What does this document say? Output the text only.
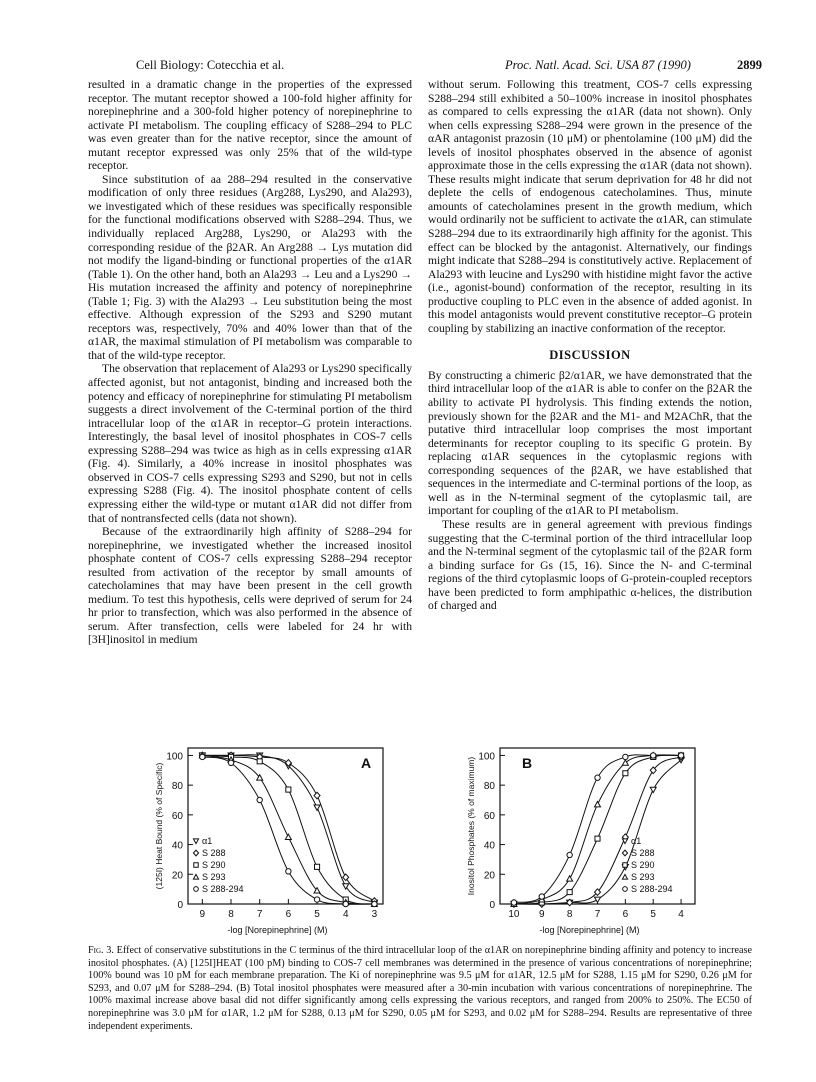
Cell Biology: Cotecchia et al.	Proc. Natl. Acad. Sci. USA 87 (1990)	2899

resulted in a dramatic change in the properties of the expressed receptor. The mutant receptor showed a 100-fold higher affinity for norepinephrine and a 300-fold higher potency of norepinephrine to activate PI metabolism. The coupling efficacy of S288–294 to PLC was even greater than for the native receptor, since the amount of mutant receptor expressed was only 25% that of the wild-type receptor.

Since substitution of aa 288–294 resulted in the conservative modification of only three residues (Arg288, Lys290, and Ala293), we investigated which of these residues was specifically responsible for the functional modifications observed with S288–294. Thus, we individually replaced Arg288, Lys290, or Ala293 with the corresponding residue of the β2AR. An Arg288 → Lys mutation did not modify the ligand-binding or functional properties of the α1AR (Table 1). On the other hand, both an Ala293 → Leu and a Lys290 → His mutation increased the affinity and potency of norepinephrine (Table 1; Fig. 3) with the Ala293 → Leu substitution being the most effective. Although expression of the S293 and S290 mutant receptors was, respectively, 70% and 40% lower than that of the α1AR, the maximal stimulation of PI metabolism was comparable to that of the wild-type receptor.

The observation that replacement of Ala293 or Lys290 specifically affected agonist, but not antagonist, binding and increased both the potency and efficacy of norepinephrine for stimulating PI metabolism suggests a direct involvement of the C-terminal portion of the third intracellular loop of the α1AR in receptor–G protein interactions. Interestingly, the basal level of inositol phosphates in COS-7 cells expressing S288–294 was twice as high as in cells expressing α1AR (Fig. 4). Similarly, a 40% increase in inositol phosphates was observed in COS-7 cells expressing S293 and S290, but not in cells expressing S288 (Fig. 4). The inositol phosphate content of cells expressing either the wild-type or mutant α1AR did not differ from that of nontransfected cells (data not shown).

Because of the extraordinarily high affinity of S288–294 for norepinephrine, we investigated whether the increased inositol phosphate content of COS-7 cells expressing S288–294 receptor resulted from activation of the receptor by small amounts of catecholamines that may have been present in the cell growth medium. To test this hypothesis, cells were deprived of serum for 24 hr prior to transfection, which was also performed in the absence of serum. After transfection, cells were labeled for 24 hr with [3H]inositol in medium

without serum. Following this treatment, COS-7 cells expressing S288–294 still exhibited a 50–100% increase in inositol phosphates as compared to cells expressing the α1AR (data not shown). Only when cells expressing S288–294 were grown in the presence of the αAR antagonist prazosin (10 μM) or phentolamine (100 μM) did the levels of inositol phosphates observed in the absence of agonist approximate those in the cells expressing the α1AR (data not shown). These results might indicate that serum deprivation for 48 hr did not deplete the cells of endogenous catecholamines. Thus, minute amounts of catecholamines present in the growth medium, which would ordinarily not be sufficient to activate the α1AR, can stimulate S288–294 due to its extraordinarily high affinity for the agonist. This effect can be blocked by the antagonist. Alternatively, our findings might indicate that S288–294 is constitutively active. Replacement of Ala293 with leucine and Lys290 with histidine might favor the active (i.e., agonist-bound) conformation of the receptor, resulting in its productive coupling to PLC even in the absence of added agonist. In this model antagonists would prevent constitutive receptor–G protein coupling by stabilizing an inactive conformation of the receptor.

DISCUSSION

By constructing a chimeric β2/α1AR, we have demonstrated that the third intracellular loop of the α1AR is able to confer on the β2AR the ability to activate PI hydrolysis. This finding extends the notion, previously shown for the β2AR and the M1- and M2AChR, that the putative third intracellular loop comprises the most important determinants for receptor coupling to its specific G protein. By replacing α1AR sequences in the cytoplasmic regions with corresponding sequences of the β2AR, we have established that sequences in the intermediate and C-terminal portions of the loop, as well as in the N-terminal segment of the cytoplasmic tail, are important for coupling of the α1AR to PI metabolism.

These results are in general agreement with previous findings suggesting that the C-terminal portion of the third intracellular loop and the N-terminal segment of the cytoplasmic tail of the β2AR form a binding surface for Gs (15, 16). Since the N- and C-terminal regions of the third cytoplasmic loops of G-protein-coupled receptors have been predicted to form amphipathic α-helices, the distribution of charged and

0
20
40
60
80
100
9 8 7 6 5 4 3
-log [Norepinephrine] (M)
(125I) Heat Bound (% of Specific)	A
α1
S 288
S 290
S 293
S 288-294
0
20
40
60
80
100
10 9 8 7 6 5 4
-log [Norepinephrine] (M)
Inositol Phosphates (% of maximum)	B
α1
S 288
S 290
S 293
S 288-294
Fig. 3. Effect of conservative substitutions in the C terminus of the third intracellular loop of the α1AR on norepinephrine binding affinity and potency to increase inositol phosphates. (A) [125I]HEAT (100 pM) binding to COS-7 cell membranes was determined in the presence of various concentrations of norepinephrine; 100% bound was 10 pM for each membrane preparation. The Ki of norepinephrine was 9.5 μM for α1AR, 12.5 μM for S288, 1.15 μM for S290, 0.26 μM for S293, and 0.07 μM for S288–294. (B) Total inositol phosphates were measured after a 30-min incubation with various concentrations of norepinephrine. The 100% maximal increase above basal did not differ significantly among cells expressing the various receptors, and ranged from 200% to 250%. The EC50 of norepinephrine was 3.0 μM for α1AR, 1.2 μM for S288, 0.13 μM for S290, 0.05 μM for S293, and 0.02 μM for S288–294. Results are representative of three independent experiments.
